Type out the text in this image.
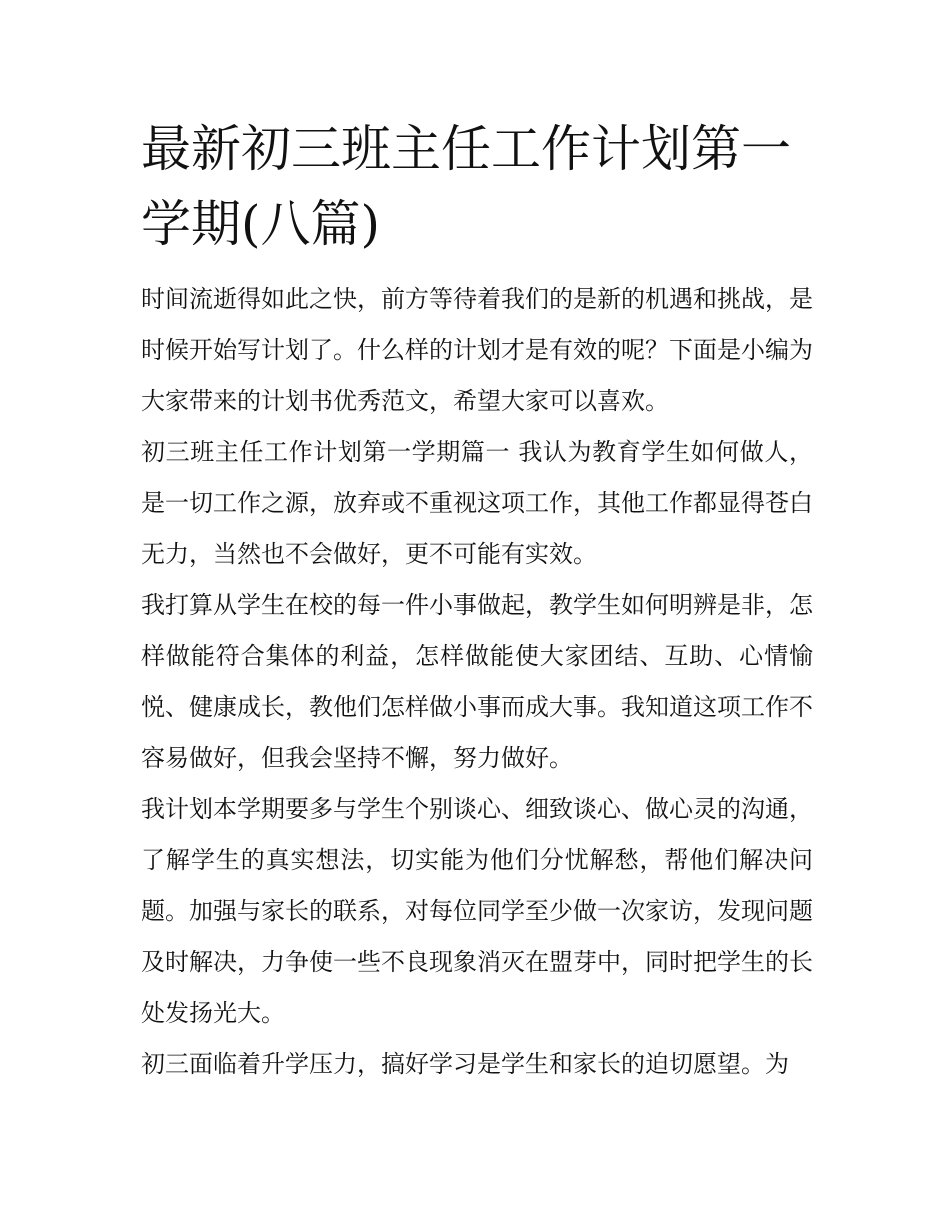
最新初三班主任工作计划第一学期(八篇)

时间流逝得如此之快，前方等待着我们的是新的机遇和挑战，是时候开始写计划了。什么样的计划才是有效的呢？下面是小编为大家带来的计划书优秀范文，希望大家可以喜欢。

初三班主任工作计划第一学期篇一 我认为教育学生如何做人，是一切工作之源，放弃或不重视这项工作，其他工作都显得苍白无力，当然也不会做好，更不可能有实效。

我打算从学生在校的每一件小事做起，教学生如何明辨是非，怎样做能符合集体的利益，怎样做能使大家团结、互助、心情愉悦、健康成长，教他们怎样做小事而成大事。我知道这项工作不容易做好，但我会坚持不懈，努力做好。

我计划本学期要多与学生个别谈心、细致谈心、做心灵的沟通，了解学生的真实想法，切实能为他们分忧解愁，帮他们解决问题。加强与家长的联系，对每位同学至少做一次家访，发现问题及时解决，力争使一些不良现象消灭在盟芽中，同时把学生的长处发扬光大。

初三面临着升学压力，搞好学习是学生和家长的迫切愿望。为
